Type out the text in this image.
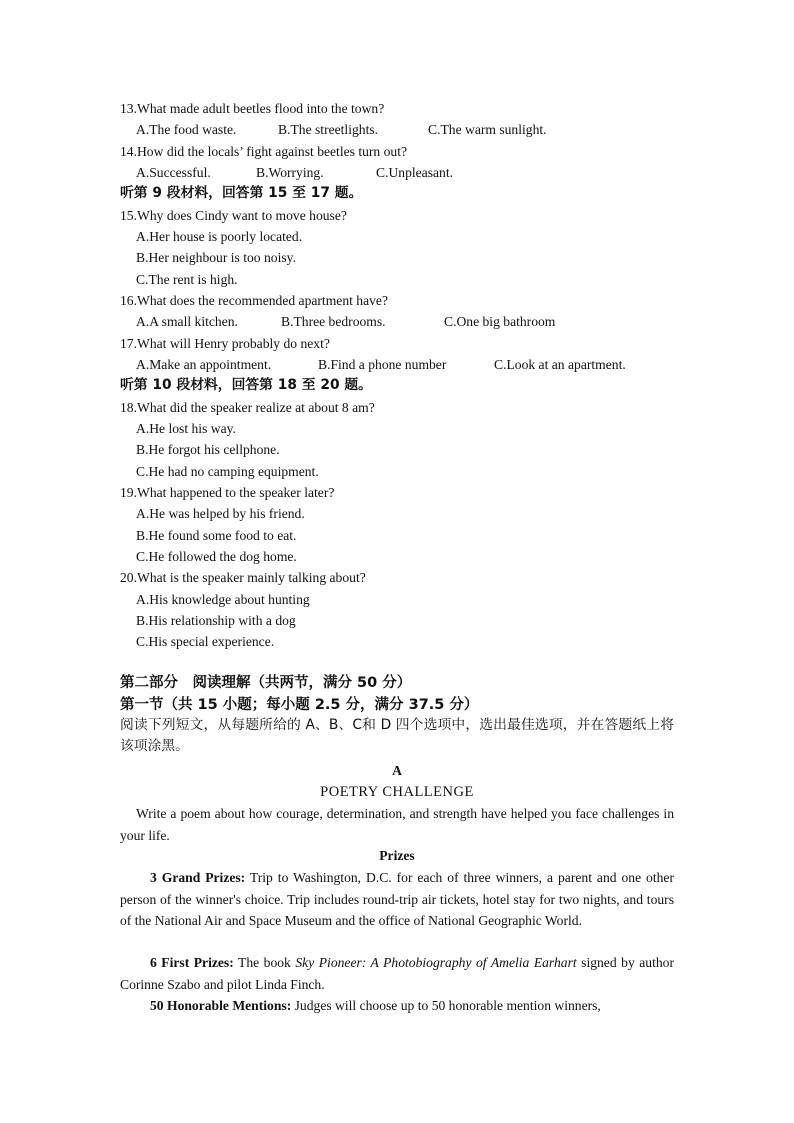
13.What made adult beetles flood into the town?
A.The food waste.	B.The streetlights.	C.The warm sunlight.
14.How did the locals’ fight against beetles turn out?
A.Successful.	B.Worrying.	C.Unpleasant.
听第 9 段材料，回答第 15 至 17 题。
15.Why does Cindy want to move house?
A.Her house is poorly located.
B.Her neighbour is too noisy.
C.The rent is high.
16.What does the recommended apartment have?
A.A small kitchen.	B.Three bedrooms.	C.One big bathroom
17.What will Henry probably do next?
A.Make an appointment.	B.Find a phone number	C.Look at an apartment.
听第 10 段材料，回答第 18 至 20 题。
18.What did the speaker realize at about 8 am?
A.He lost his way.
B.He forgot his cellphone.
C.He had no camping equipment.
19.What happened to the speaker later?
A.He was helped by his friend.
B.He found some food to eat.
C.He followed the dog home.
20.What is the speaker mainly talking about?
A.His knowledge about hunting
B.His relationship with a dog
C.His special experience.
第二部分　阅读理解（共两节，满分 50 分）
第一节（共 15 小题；每小题 2.5 分，满分 37.5 分）
阅读下列短文，从每题所给的 A、B、C和 D 四个选项中，选出最佳选项，并在答题纸上将该项涂黑。
A
POETRY CHALLENGE
Write a poem about how courage, determination, and strength have helped you face challenges in your life.
Prizes
3 Grand Prizes: Trip to Washington, D.C. for each of three winners, a parent and one other person of the winner's choice. Trip includes round-trip air tickets, hotel stay for two nights, and tours of the National Air and Space Museum and the office of National Geographic World.
6 First Prizes: The book Sky Pioneer: A Photobiography of Amelia Earhart signed by author Corinne Szabo and pilot Linda Finch.
50 Honorable Mentions: Judges will choose up to 50 honorable mention winners,
